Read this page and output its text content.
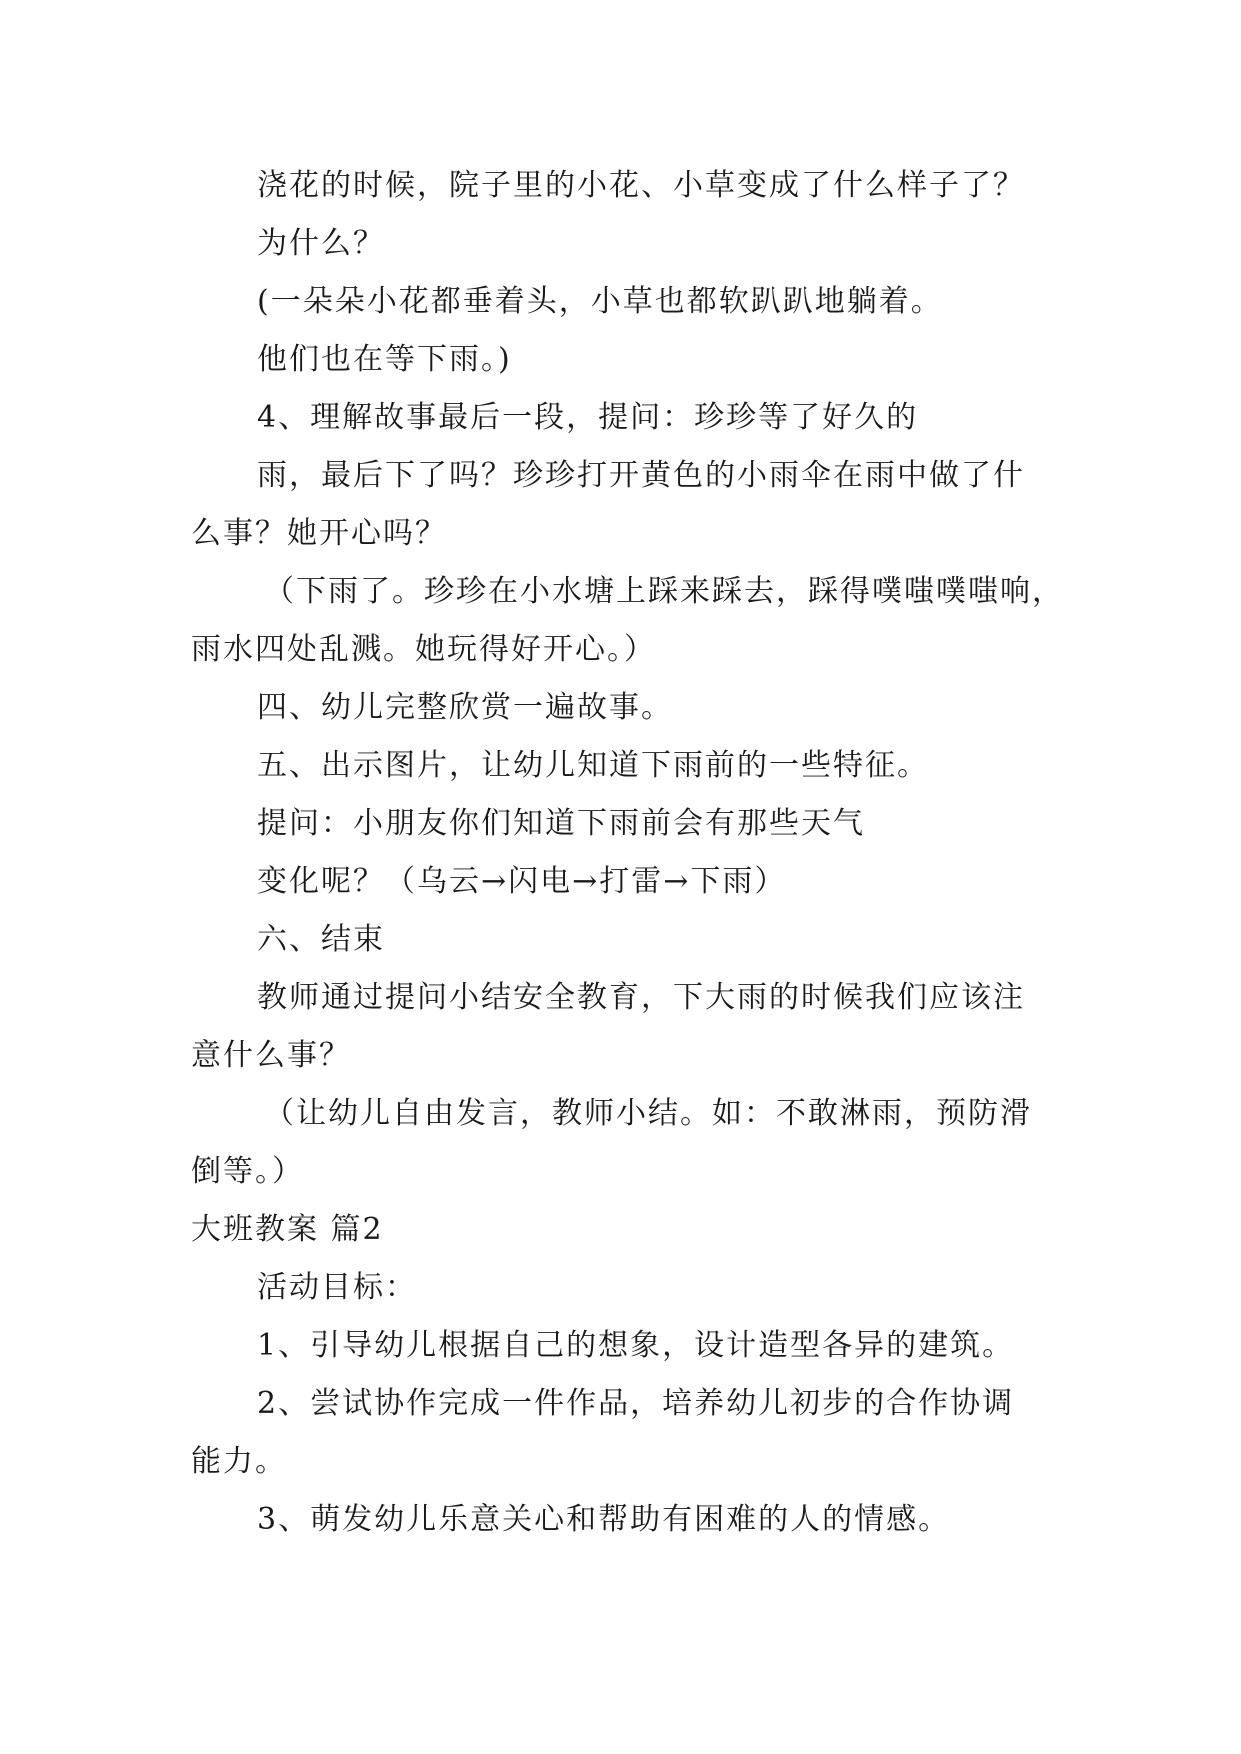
浇花的时候，院子里的小花、小草变成了什么样子了？
为什么？
(一朵朵小花都垂着头，小草也都软趴趴地躺着。
他们也在等下雨。)
4、理解故事最后一段，提问：珍珍等了好久的
雨，最后下了吗？珍珍打开黄色的小雨伞在雨中做了什
么事？她开心吗？
（下雨了。珍珍在小水塘上踩来踩去，踩得噗嗤噗嗤响，
雨水四处乱溅。她玩得好开心。）
四、幼儿完整欣赏一遍故事。
五、出示图片，让幼儿知道下雨前的一些特征。
提问：小朋友你们知道下雨前会有那些天气
变化呢？（乌云→闪电→打雷→下雨）
六、结束
教师通过提问小结安全教育，下大雨的时候我们应该注
意什么事？
（让幼儿自由发言，教师小结。如：不敢淋雨，预防滑
倒等。）
大班教案 篇2
活动目标：
1、引导幼儿根据自己的想象，设计造型各异的建筑。
2、尝试协作完成一件作品，培养幼儿初步的合作协调
能力。
3、萌发幼儿乐意关心和帮助有困难的人的情感。
